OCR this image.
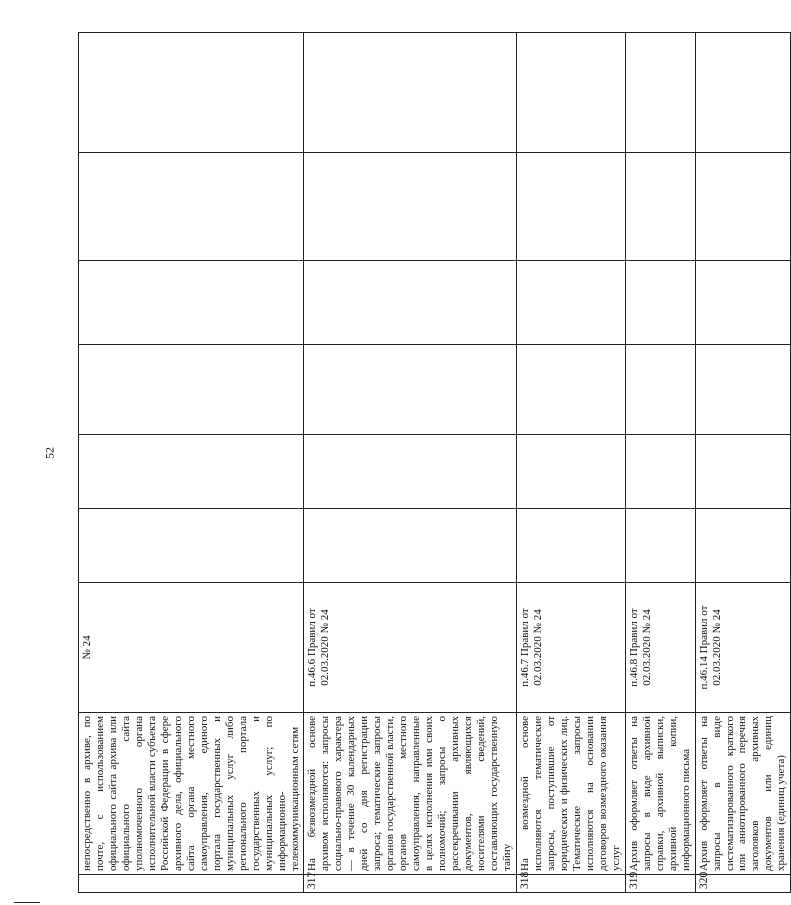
52
	непосредственно в архиве, по почте, с использованием официального сайта архива или официального сайта уполномоченного органа исполнительной власти субъекта Российской Федерации в сфере архивного дела, официального сайта органа местного самоуправления, единого портала государственных и муниципальных услуг либо регионального портала государственных и муниципальных услуг; по информационно-телекоммуникационным сетям	№ 24						
317	На безвозмездной основе архивом исполняются: запросы социально-правового характера — в течение 30 календарных дней со дня регистрации запроса; тематические запросы органов государственной власти, органов местного самоуправления, направленные в целях исполнения ими своих полномочий; запросы о рассекречивании архивных документов, являющихся носителями сведений, составляющих государственную тайну	п.46.6 Правил от 02.03.2020 № 24						
318	На возмездной основе исполняются тематические запросы, поступившие от юридических и физических лиц. Тематические запросы исполняются на основании договоров возмездного оказания услуг	п.46.7 Правил от 02.03.2020 № 24						
319	Архив оформляет ответы на запросы в виде архивной справки, архивной выписки, архивной копии, информационного письма	п.46.8 Правил от 02.03.2020 № 24						
320	Архив оформляет ответы на запросы в виде систематизированного краткого или аннотированного перечня заголовков архивных документов или единиц хранения (единиц учета)	п.46.14 Правил от 02.03.2020 № 24						
